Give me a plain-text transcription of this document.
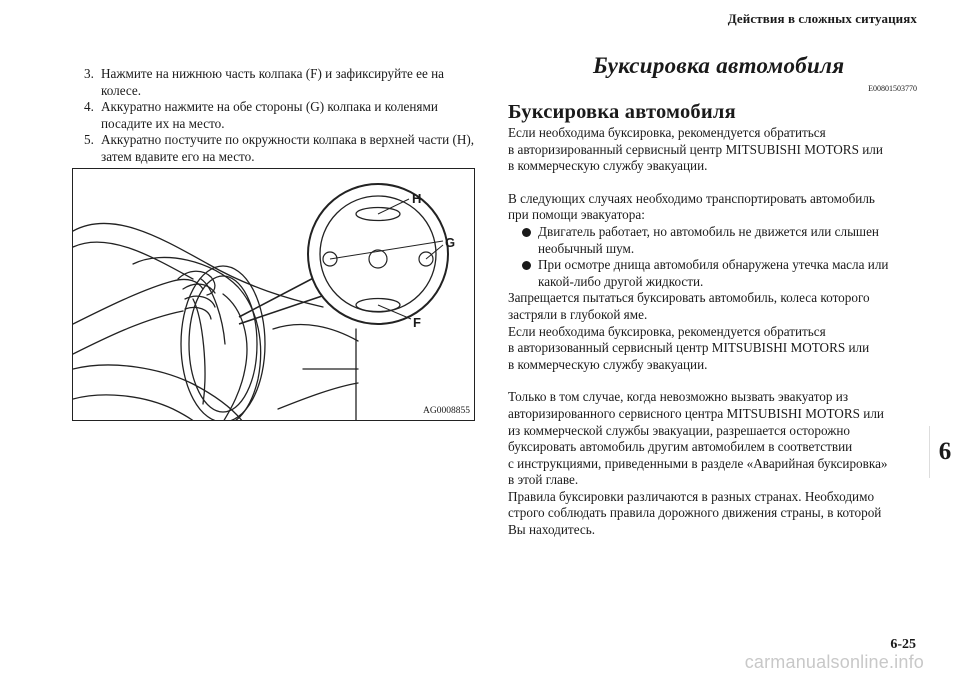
Действия в сложных ситуациях
3. Нажмите на нижнюю часть колпака (F) и зафиксируйте ее на колесе.
4. Аккуратно нажмите на обе стороны (G) колпака и коленями посадите их на место.
5. Аккуратно постучите по окружности колпака в верхней части (H), затем вдавите его на место.
H
G
F
AG0008855
Буксировка автомобиля
E00801503770
Буксировка автомобиля

Если необходима буксировка, рекомендуется обратиться
в авторизированный сервисный центр MITSUBISHI MOTORS или
в коммерческую службу эвакуации.

В следующих случаях необходимо транспортировать автомобиль
при помощи эвакуатора:

Двигатель работает, но автомобиль не движется или слышен необычный шум.
При осмотре днища автомобиля обнаружена утечка масла или какой-либо другой жидкости.

Запрещается пытаться буксировать автомобиль, колеса которого
застряли в глубокой яме.
Если необходима буксировка, рекомендуется обратиться
в авторизованный сервисный центр MITSUBISHI MOTORS или
в коммерческую службу эвакуации.

Только в том случае, когда невозможно вызвать эвакуатор из
авторизированного сервисного центра MITSUBISHI MOTORS или
из коммерческой службы эвакуации, разрешается осторожно
буксировать автомобиль другим автомобилем в соответствии
с инструкциями, приведенными в разделе «Аварийная буксировка»
в этой главе.
Правила буксировки различаются в разных странах. Необходимо
строго соблюдать правила дорожного движения страны, в которой
Вы находитесь.

6
6-25
carmanualsonline.info
